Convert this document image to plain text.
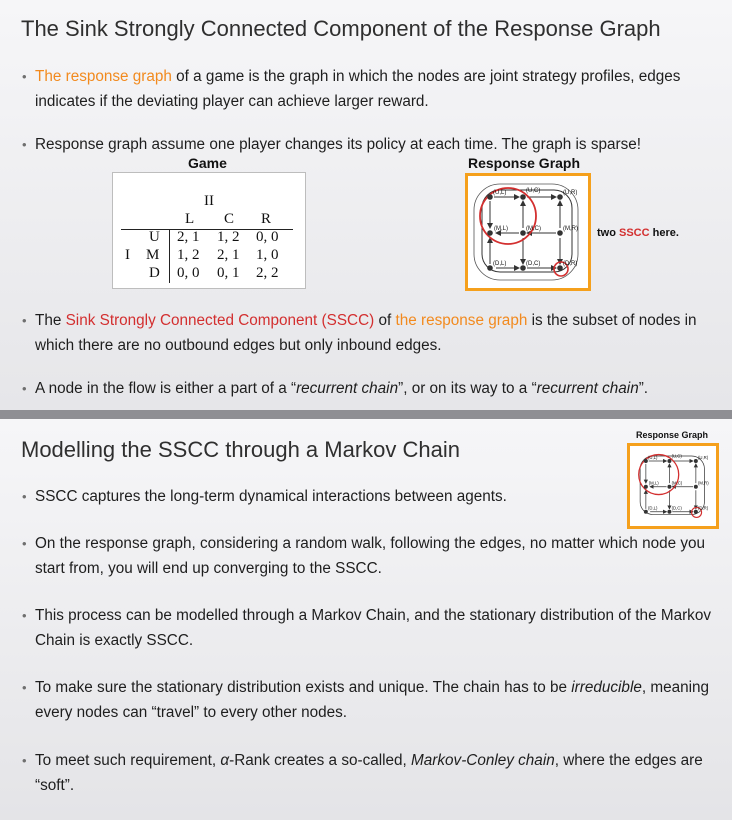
The Sink Strongly Connected Component of the Response Graph
• The response graph of a game is the graph in which the nodes are joint strategy profiles, edges indicates if the deviating player can achieve larger reward.
• Response graph assume one player changes its policy at each time. The graph is sparse!
Game
II
L C R
I
U 2, 1 1, 2 0, 0
M 1, 2 2, 1 1, 0
D 0, 0 0, 1 2, 2
Response Graph
(U,L)	(U,C)	(U,R)
(M,L)	(M,C)	(M,R)
(D,L)	(D,C)	(D,R)
two SSCC here.
• The Sink Strongly Connected Component (SSCC) of the response graph is the subset of nodes in which there are no outbound edges but only inbound edges.
• A node in the flow is either a part of a “recurrent chain”, or on its way to a “recurrent chain”.
Modelling the SSCC through a Markov Chain
Response Graph
(U,L) (U,C)	(U,R)
(M,L) (M,C)	(M,R)
(D,L) (D,C)	(D,R)
• SSCC captures the long-term dynamical interactions between agents.
• On the response graph, considering a random walk, following the edges, no matter which node you start from, you will end up converging to the SSCC.
• This process can be modelled through a Markov Chain, and the stationary distribution of the Markov Chain is exactly SSCC.
• To make sure the stationary distribution exists and unique. The chain has to be irreducible, meaning every nodes can “travel” to every other nodes.
• To meet such requirement, α-Rank creates a so-called, Markov-Conley chain, where the edges are “soft”.
